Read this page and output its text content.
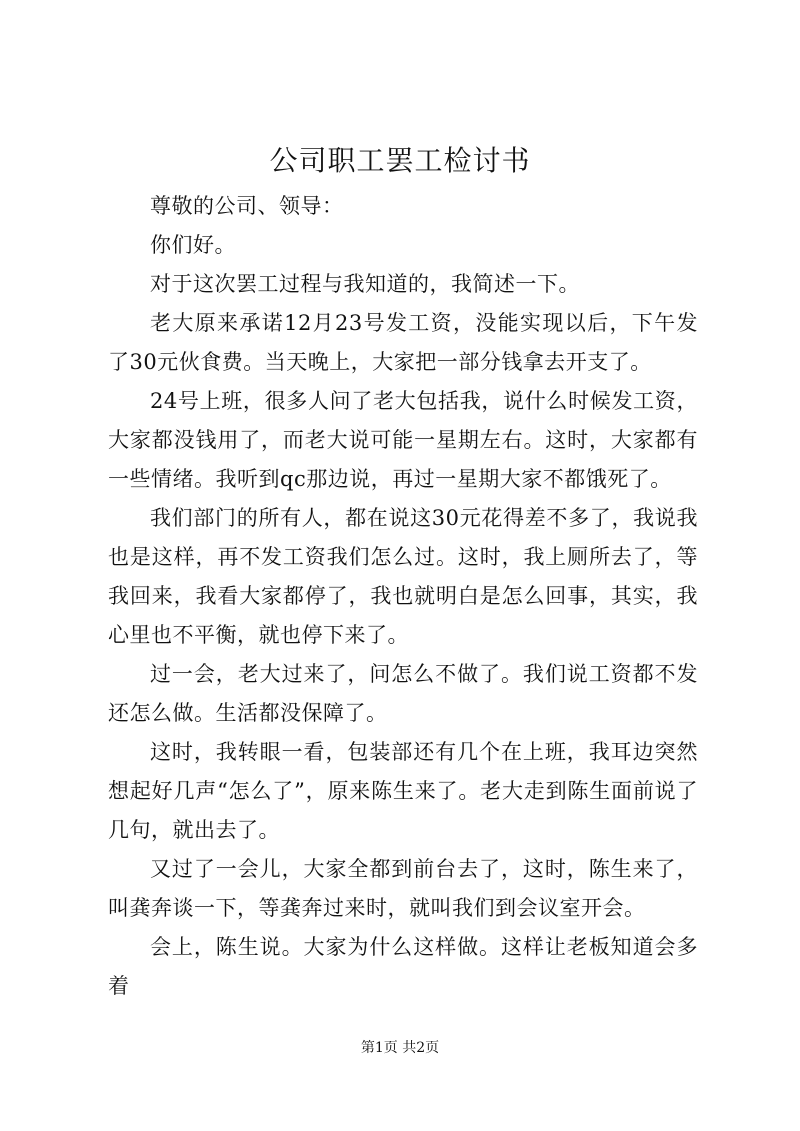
公司职工罢工检讨书

尊敬的公司、领导：

你们好。

对于这次罢工过程与我知道的，我简述一下。

老大原来承诺12月23号发工资，没能实现以后，下午发了30元伙食费。当天晚上，大家把一部分钱拿去开支了。

24号上班，很多人问了老大包括我，说什么时候发工资，大家都没钱用了，而老大说可能一星期左右。这时，大家都有一些情绪。我听到qc那边说，再过一星期大家不都饿死了。

我们部门的所有人，都在说这30元花得差不多了，我说我也是这样，再不发工资我们怎么过。这时，我上厕所去了，等我回来，我看大家都停了，我也就明白是怎么回事，其实，我心里也不平衡，就也停下来了。

过一会，老大过来了，问怎么不做了。我们说工资都不发还怎么做。生活都没保障了。

这时，我转眼一看，包装部还有几个在上班，我耳边突然想起好几声“怎么了”，原来陈生来了。老大走到陈生面前说了几句，就出去了。

又过了一会儿，大家全都到前台去了，这时，陈生来了，叫龚奔谈一下，等龚奔过来时，就叫我们到会议室开会。

会上，陈生说。大家为什么这样做。这样让老板知道会多着

第1页 共2页
